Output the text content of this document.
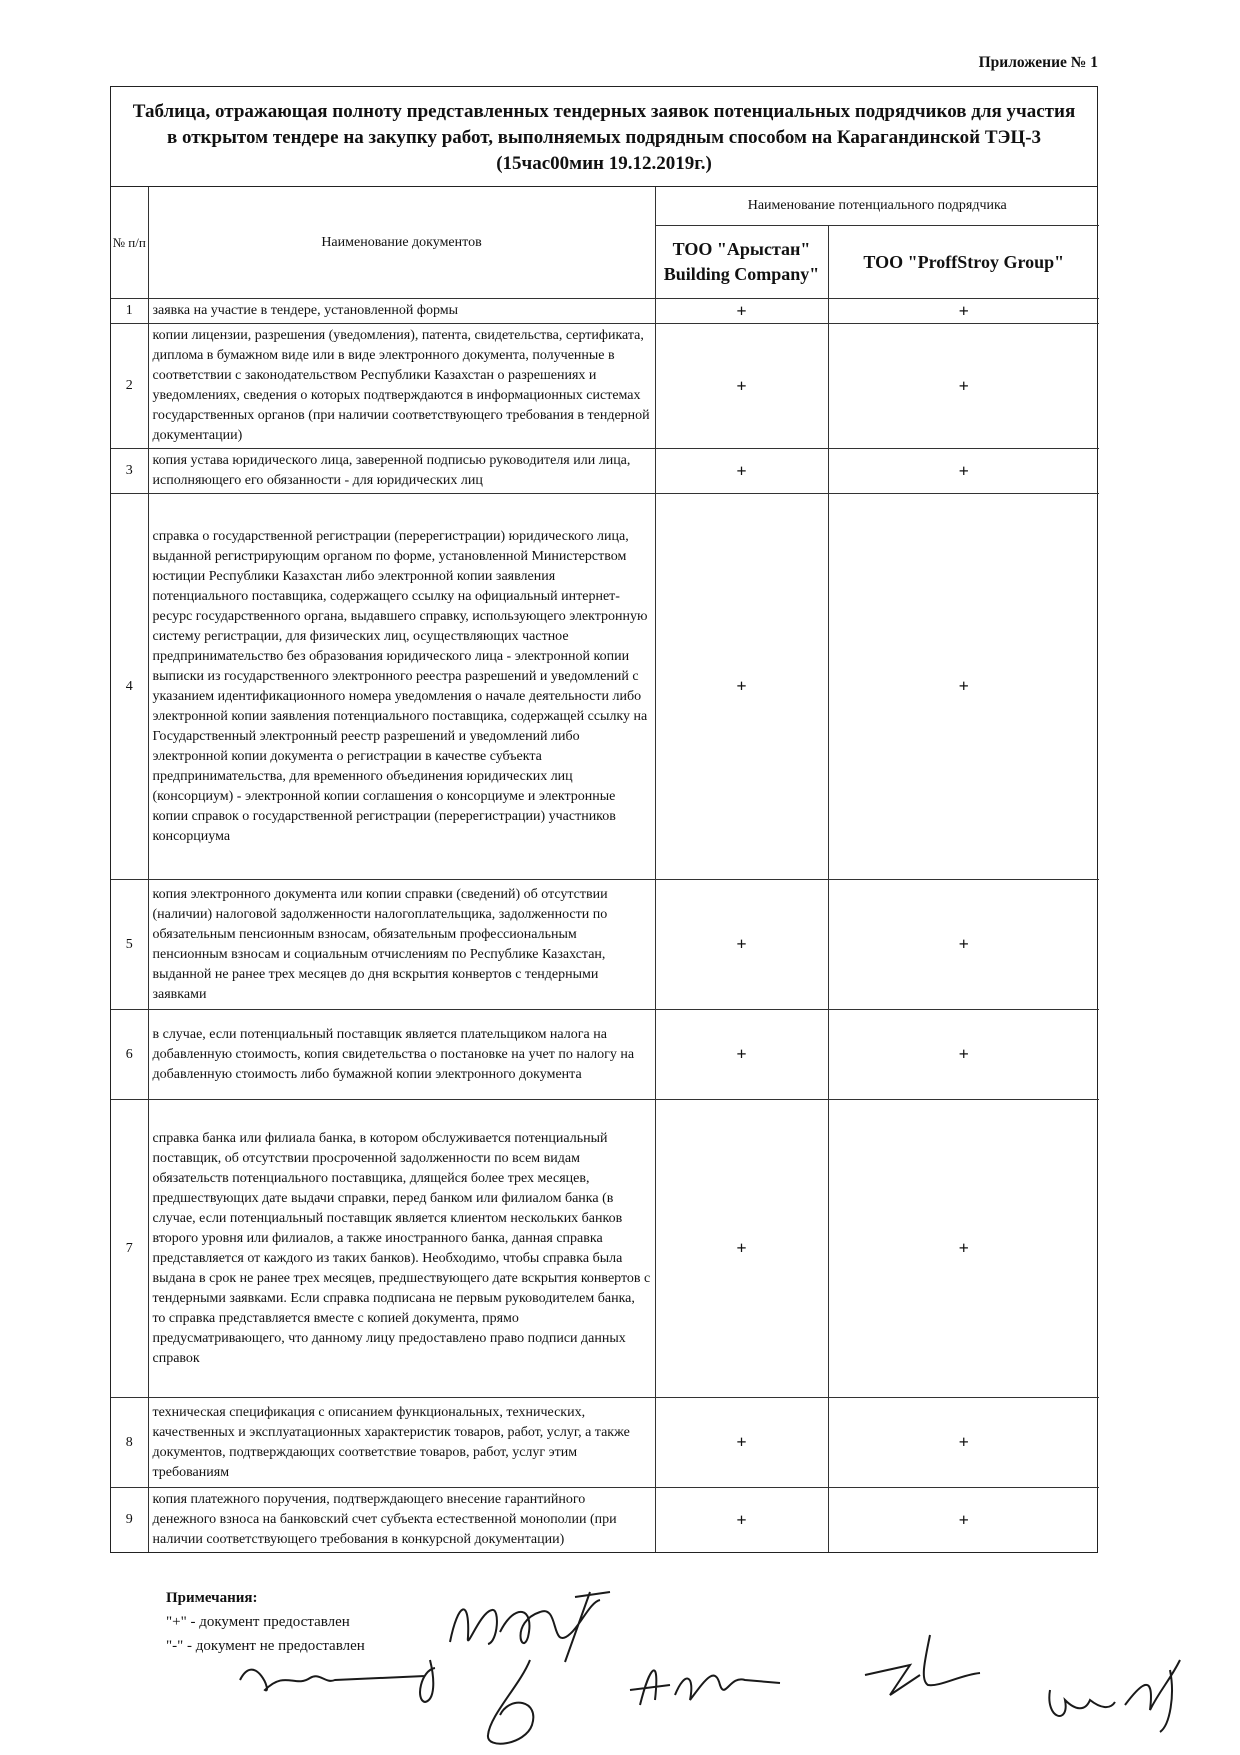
Приложение № 1
Таблица, отражающая полноту представленных тендерных заявок потенциальных подрядчиков для участия в открытом тендере на закупку работ, выполняемых подрядным способом на Карагандинской ТЭЦ-3 (15час00мин 19.12.2019г.)
№ п/п	Наименование документов	Наименование потенциального подрядчика	
		ТОО "Арыстан" Building Company"	ТОО "ProffStroy Group"
1	заявка на участие в тендере, установленной формы	+	+
2	копии лицензии, разрешения (уведомления), патента, свидетельства, сертификата, диплома в бумажном виде или в виде электронного документа, полученные в соответствии с законодательством Республики Казахстан о разрешениях и уведомлениях, сведения о которых подтверждаются в информационных системах государственных органов (при наличии соответствующего требования в тендерной документации)	+	+
3	копия устава юридического лица, заверенной подписью руководителя или лица, исполняющего его обязанности - для юридических лиц	+	+
4	справка о государственной регистрации (перерегистрации) юридического лица, выданной регистрирующим органом по форме, установленной Министерством юстиции Республики Казахстан либо электронной копии заявления потенциального поставщика, содержащего ссылку на официальный интернет-ресурс государственного органа, выдавшего справку, использующего электронную систему регистрации, для физических лиц, осуществляющих частное предпринимательство без образования юридического лица - электронной копии выписки из государственного электронного реестра разрешений и уведомлений с указанием идентификационного номера уведомления о начале деятельности либо электронной копии заявления потенциального поставщика, содержащей ссылку на Государственный электронный реестр разрешений и уведомлений либо электронной копии документа о регистрации в качестве субъекта предпринимательства, для временного объединения юридических лиц (консорциум) - электронной копии соглашения о консорциуме и электронные копии справок о государственной регистрации (перерегистрации) участников консорциума	+	+
5	копия электронного документа или копии справки (сведений) об отсутствии (наличии) налоговой задолженности налогоплательщика, задолженности по обязательным пенсионным взносам, обязательным профессиональным пенсионным взносам и социальным отчислениям по Республике Казахстан, выданной не ранее трех месяцев до дня вскрытия конвертов с тендерными заявками	+	+
6	в случае, если потенциальный поставщик является плательщиком налога на добавленную стоимость, копия свидетельства о постановке на учет по налогу на добавленную стоимость либо бумажной копии электронного документа	+	+
7	справка банка или филиала банка, в котором обслуживается потенциальный поставщик, об отсутствии просроченной задолженности по всем видам обязательств потенциального поставщика, длящейся более трех месяцев, предшествующих дате выдачи справки, перед банком или филиалом банка (в случае, если потенциальный поставщик является клиентом нескольких банков второго уровня или филиалов, а также иностранного банка, данная справка представляется от каждого из таких банков). Необходимо, чтобы справка была выдана в срок не ранее трех месяцев, предшествующего дате вскрытия конвертов с тендерными заявками. Если справка подписана не первым руководителем банка, то справка представляется вместе с копией документа, прямо предусматривающего, что данному лицу предоставлено право подписи данных справок	+	+
8	техническая спецификация с описанием функциональных, технических, качественных и эксплуатационных характеристик товаров, работ, услуг, а также документов, подтверждающих соответствие товаров, работ, услуг этим требованиям	+	+
9	копия платежного поручения, подтверждающего внесение гарантийного денежного взноса на банковский счет субъекта естественной монополии (при наличии соответствующего требования в конкурсной документации)	+	+
Примечания:
"+" - документ предоставлен
"-" - документ не предоставлен
